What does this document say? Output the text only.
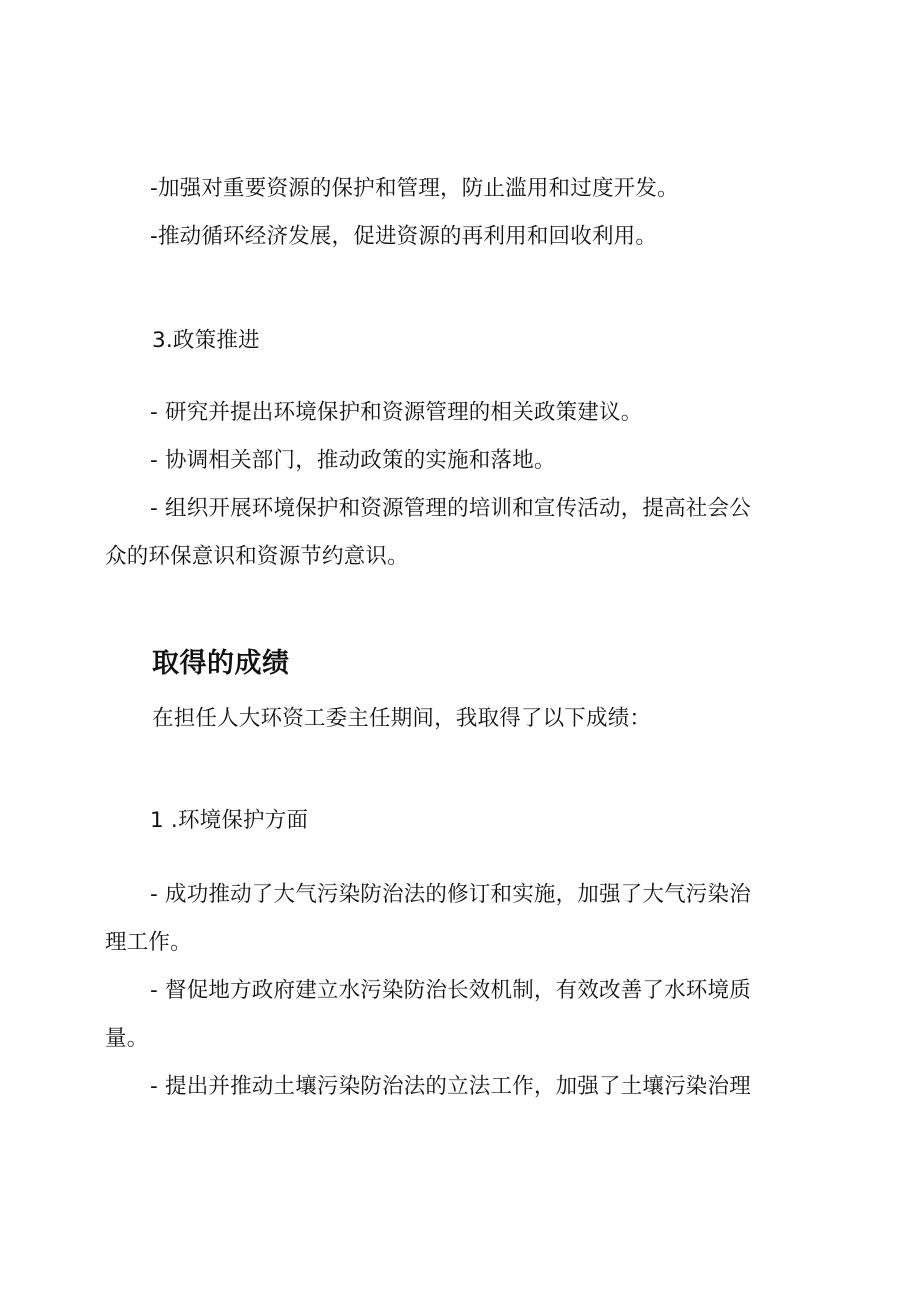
-加强对重要资源的保护和管理，防止滥用和过度开发。
-推动循环经济发展，促进资源的再利用和回收利用。
3.政策推进
- 研究并提出环境保护和资源管理的相关政策建议。
- 协调相关部门，推动政策的实施和落地。
- 组织开展环境保护和资源管理的培训和宣传活动，提高社会公
众的环保意识和资源节约意识。
取得的成绩
在担任人大环资工委主任期间，我取得了以下成绩：
1 .环境保护方面
- 成功推动了大气污染防治法的修订和实施，加强了大气污染治
理工作。
- 督促地方政府建立水污染防治长效机制，有效改善了水环境质
量。
- 提出并推动土壤污染防治法的立法工作，加强了土壤污染治理
